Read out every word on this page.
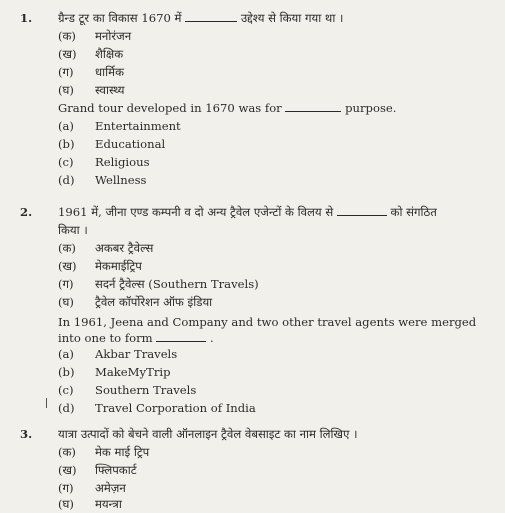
1. ग्रैन्ड टूर का विकास 1670 में	उद्देश्य से किया गया था ।
(क) मनोरंजन
(ख) शैक्षिक
(ग) धार्मिक
(घ) स्वास्थ्य
Grand tour developed in 1670 was for	purpose.
(a) Entertainment
(b) Educational
(c) Religious
(d) Wellness
2. 1961 में, जीना एण्ड कम्पनी व दो अन्य ट्रैवेल एजेन्टों के विलय से	को संगठित
किया ।
(क) अकबर ट्रैवेल्स
(ख) मेकमाईट्रिप
(ग) सदर्न ट्रैवेल्स (Southern Travels)
(घ) ट्रैवेल कॉर्पोरेशन ऑफ इंडिया
In 1961, Jeena and Company and two other travel agents were merged
into one to form	.
(a) Akbar Travels
(b) MakeMyTrip
(c) Southern Travels
(d) Travel Corporation of India
3. यात्रा उत्पादों को बेचने वाली ऑनलाइन ट्रैवेल वेबसाइट का नाम लिखिए ।
(क) मेक माई ट्रिप
(ख) फ्लिपकार्ट
(ग) अमेज़न
(घ) मयन्त्रा
